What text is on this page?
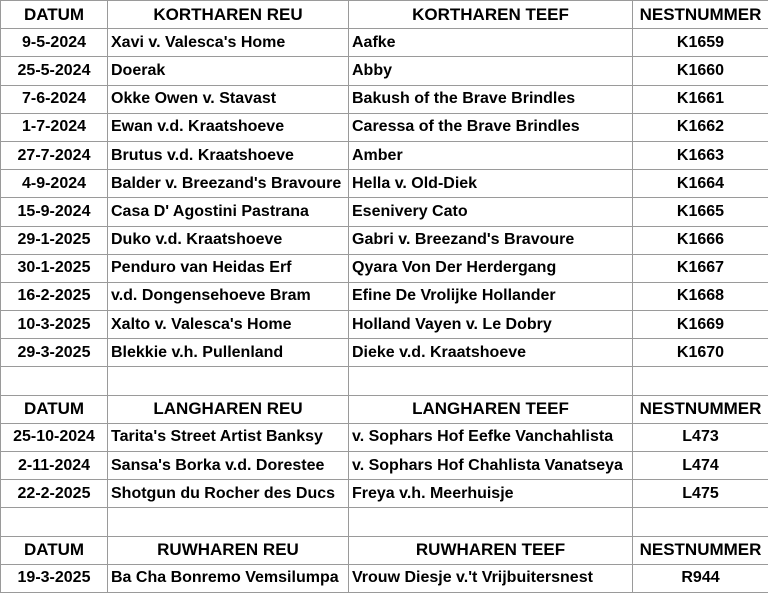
DATUM	KORTHAREN REU	KORTHAREN TEEF	NESTNUMMER
9-5-2024	Xavi v. Valesca's Home	Aafke	K1659
25-5-2024	Doerak	Abby	K1660
7-6-2024	Okke Owen v. Stavast	Bakush of the Brave Brindles	K1661
1-7-2024	Ewan v.d. Kraatshoeve	Caressa of the Brave Brindles	K1662
27-7-2024	Brutus v.d. Kraatshoeve	Amber	K1663
4-9-2024	Balder v. Breezand's Bravoure	Hella v. Old-Diek	K1664
15-9-2024	Casa D' Agostini Pastrana	Esenivery Cato	K1665
29-1-2025	Duko v.d. Kraatshoeve	Gabri v. Breezand's Bravoure	K1666
30-1-2025	Penduro van Heidas Erf	Qyara Von Der Herdergang	K1667
16-2-2025	v.d. Dongensehoeve Bram	Efine De Vrolijke Hollander	K1668
10-3-2025	Xalto v. Valesca's Home	Holland Vayen v. Le Dobry	K1669
29-3-2025	Blekkie v.h. Pullenland	Dieke v.d. Kraatshoeve	K1670

DATUM	LANGHAREN REU	LANGHAREN TEEF	NESTNUMMER
25-10-2024	Tarita's Street Artist Banksy	v. Sophars Hof Eefke Vanchahlista	L473
2-11-2024	Sansa's Borka v.d. Dorestee	v. Sophars Hof Chahlista Vanatseya	L474
22-2-2025	Shotgun du Rocher des Ducs	Freya v.h. Meerhuisje	L475

DATUM	RUWHAREN REU	RUWHAREN TEEF	NESTNUMMER
19-3-2025	Ba Cha Bonremo Vemsilumpa	Vrouw Diesje v.'t Vrijbuitersnest	R944
